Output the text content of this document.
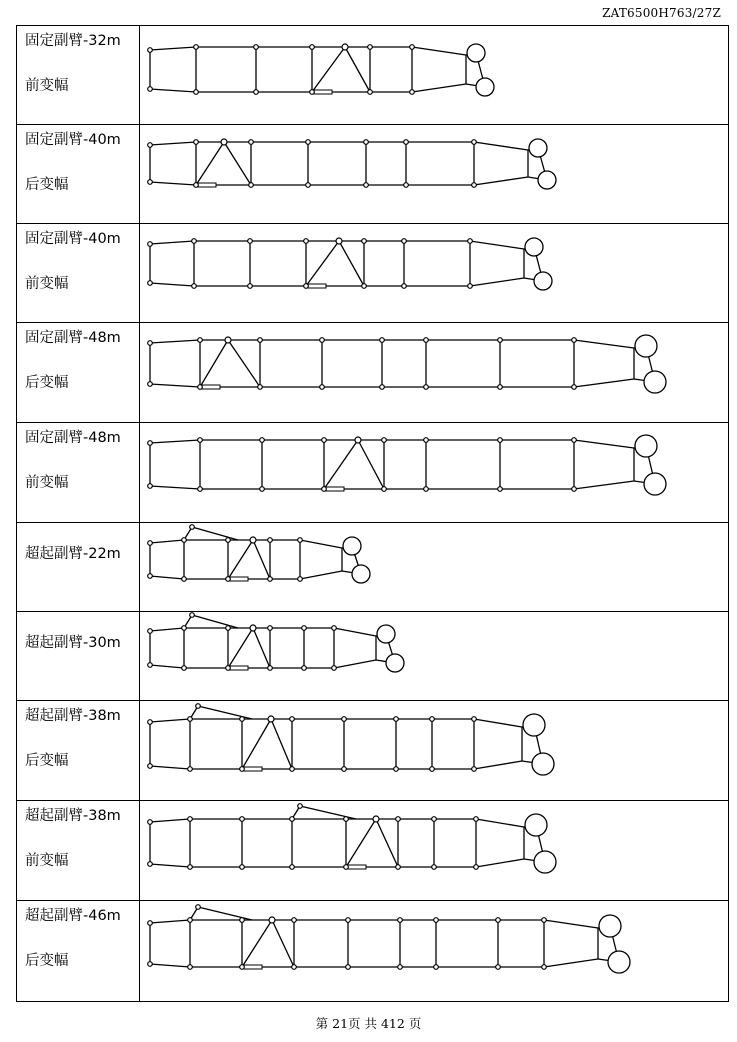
ZAT6500H763/27Z
固定副臂-32m
前变幅

固定副臂-40m
后变幅

固定副臂-40m
前变幅

固定副臂-48m
后变幅

固定副臂-48m
前变幅

超起副臂-22m

超起副臂-30m

超起副臂-38m
后变幅

超起副臂-38m
前变幅

超起副臂-46m
后变幅

第 21页 共 412 页
